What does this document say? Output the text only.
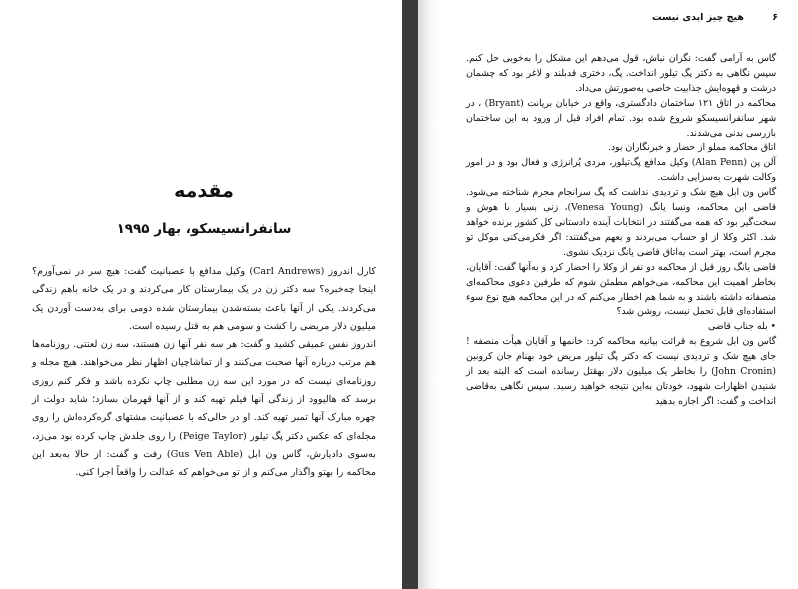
مقدمه
سانفرانسیسکو، بهار ۱۹۹۵

کارل اندروز (Carl Andrews) وکیل مدافع با عصبانیت گفت: هیچ سر در نمی‌آورم؟ اینجا چه‌خبره؟ سه دکتر زن در یک بیمارستان کار می‌کردند و در یک خانه باهم زندگی می‌کردند. یکی از آنها باعث بسته‌شدن بیمارستان شده دومی برای به‌دست آوردن یک میلیون دلار مریضی را کشت و سومی هم به قتل رسیده است.

اندروز نفس عمیقی کشید و گفت: هر سه نفر آنها زن هستند، سه زن لعنتی. روزنامه‌ها هم مرتب درباره آنها صحبت می‌کنند و از تماشاچیان اظهار نظر می‌خواهند. هیچ مجله و روزنامه‌ای نیست که در مورد این سه زن مطلبی چاپ نکرده باشد و فکر کنم روزی برسد که هالیوود از زندگی آنها فیلم تهیه کند و از آنها قهرمان بسازد؛ شاید دولت از چهره مبارک آنها تمبر تهیه کند. او در حالی‌که با عصبانیت مشتهای گره‌کرده‌اش را روی مجله‌ای که عکس دکتر پگ تیلور (Peige Taylor) را روی جلدش چاپ کرده بود می‌زد، به‌سوی دادیارش، گاس ون ابل (Gus Ven Able) رفت و گفت: از حالا به‌بعد این محاکمه را بهتو واگذار می‌کنم و از تو می‌خواهم که عدالت را واقعاً اجرا کنی.

۶
هیچ چیز ابدی نیست

گاس به آرامی گفت: نگران نباش، قول می‌دهم این مشکل را به‌خوبی حل کنم. سپس نگاهی به دکتر پگ تیلور انداخت. پگ، دختری قدبلند و لاغر بود که چشمان درشت و قهوه‌ایش جذابیت خاصی به‌صورتش می‌داد.

محاکمه در اتاق ۱۲۱ ساختمان دادگستری، واقع در خیابان بریانت (Bryant) ، در شهر سانفرانسیسکو شروع شده بود. تمام افراد قبل از ورود به این ساختمان بازرسی بدنی می‌شدند.

اتاق محاکمه مملو از حضار و خبرنگاران بود.

آلن پن (Alan Penn) وکیل مدافع پگ‌تیلور، مردی پُرانرژی و فعال بود و در امور وکالت شهرت به‌سزایی داشت.

گاس ون ابل هیچ شک و تردیدی نداشت که پگ سرانجام مجرم شناخته می‌شود. قاضی این محاکمه، ونسا یانگ (Venesa Young)، زنی بسیار با هوش و سخت‌گیر بود که همه می‌گفتند در انتخابات آینده دادستانی کل کشور برنده خواهد شد. اکثر وکلا از او حساب می‌بردند و بعهم می‌گفتند: اگر فکرمی‌کنی موکل تو مجرم است، بهتر است به‌اتاق قاضی یانگ نزدیک نشوی.

قاضی یانگ روز قبل از محاکمه دو نفر از وکلا را احضار کرد و به‌آنها گفت: آقایان، بخاطر اهمیت این محاکمه، می‌خواهم مطمئن شوم که طرفین دعوی محاکمه‌ای منصفانه داشته باشند و به شما هم اخطار می‌کنم که در این محاکمه هیچ نوع سوء استفاده‌ای قابل تحمل نیست، روشن شد؟

• بله جناب قاضی

گاس ون ابل شروع به قرائت بیانیه محاکمه کرد: خانمها و آقایان هیأت منصفه ! جای هیچ شک و تردیدی نیست که دکتر پگ تیلور مریض خود بهنام جان کرونین (John Cronin) را بخاطر یک میلیون دلار بهقتل رسانده است که البته بعد از شنیدن اظهارات شهود، خودتان به‌این نتیجه خواهید رسید. سپس نگاهی به‌قاضی انداخت و گفت: اگر اجازه بدهید
